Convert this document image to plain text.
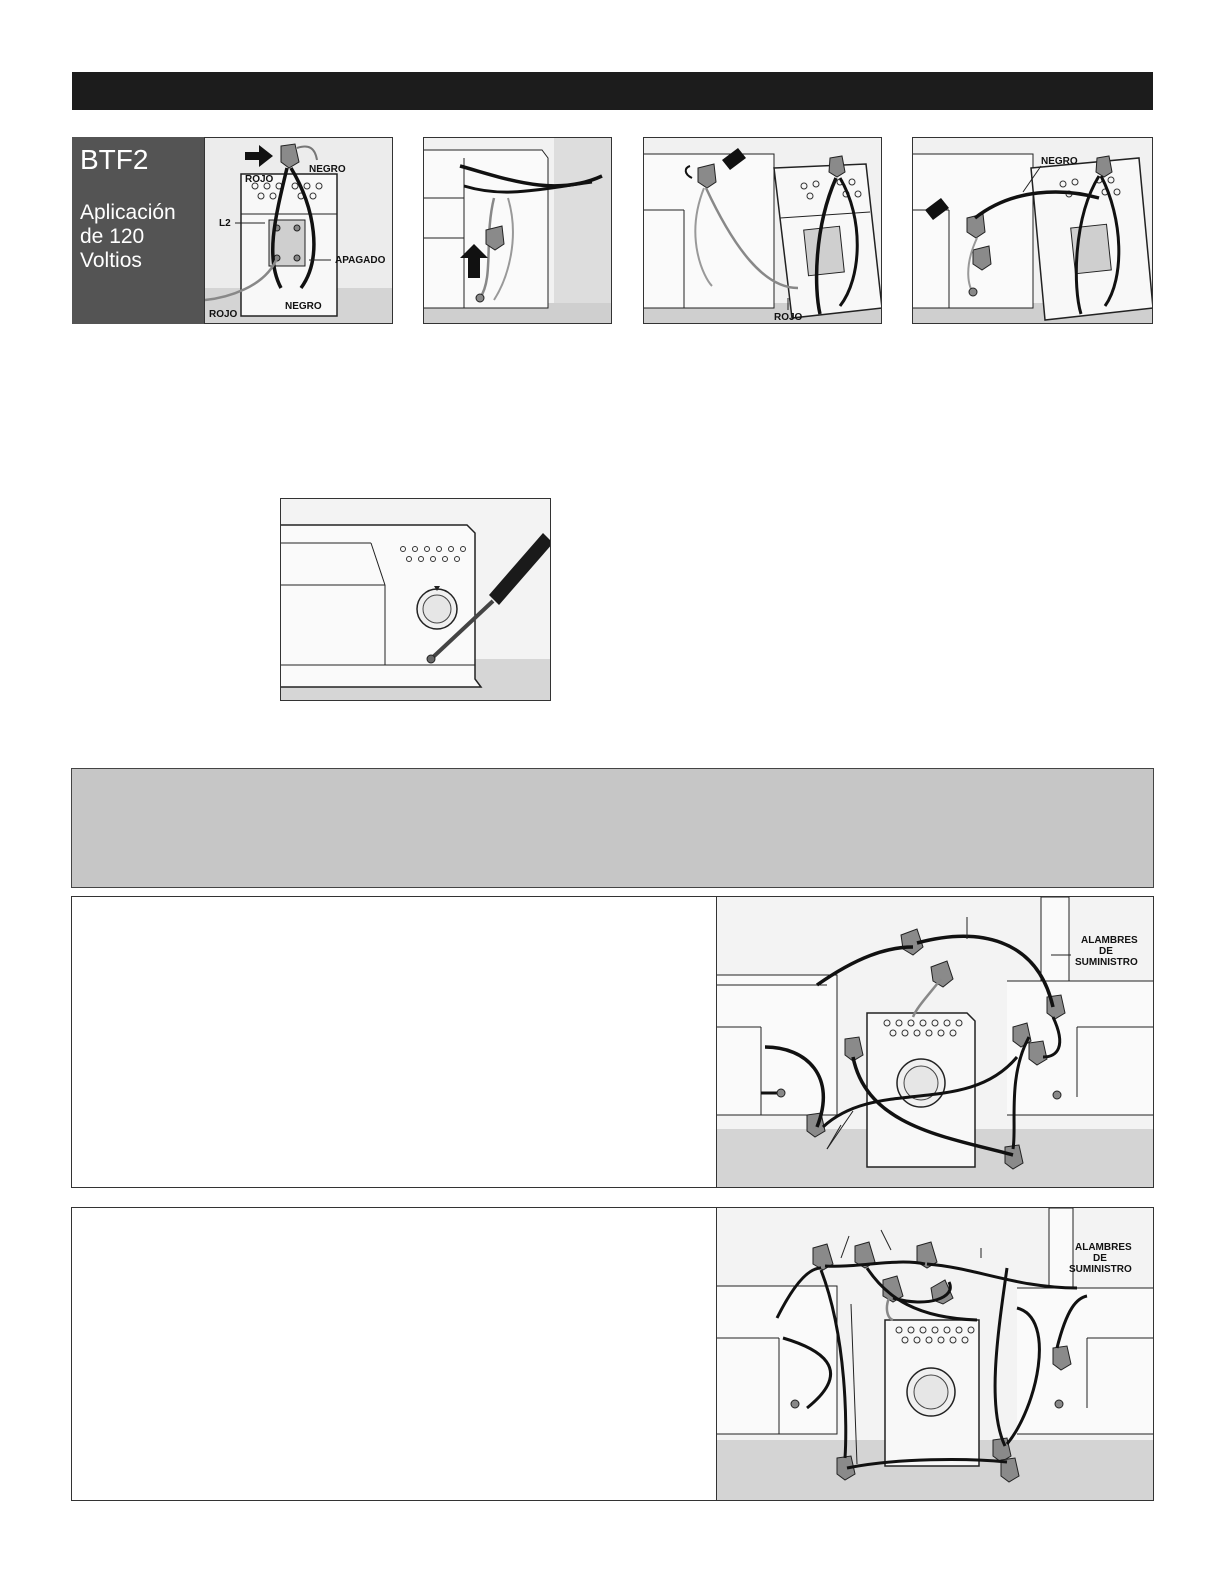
BTF2
Aplicación
de 120
Voltios
NEGRO
ROJO
L2
APAGADO
NEGRO
ROJO	ROJO
NEGRO
ALAMBRES
DE
SUMINISTRO
ALAMBRES
DE
SUMINISTRO
